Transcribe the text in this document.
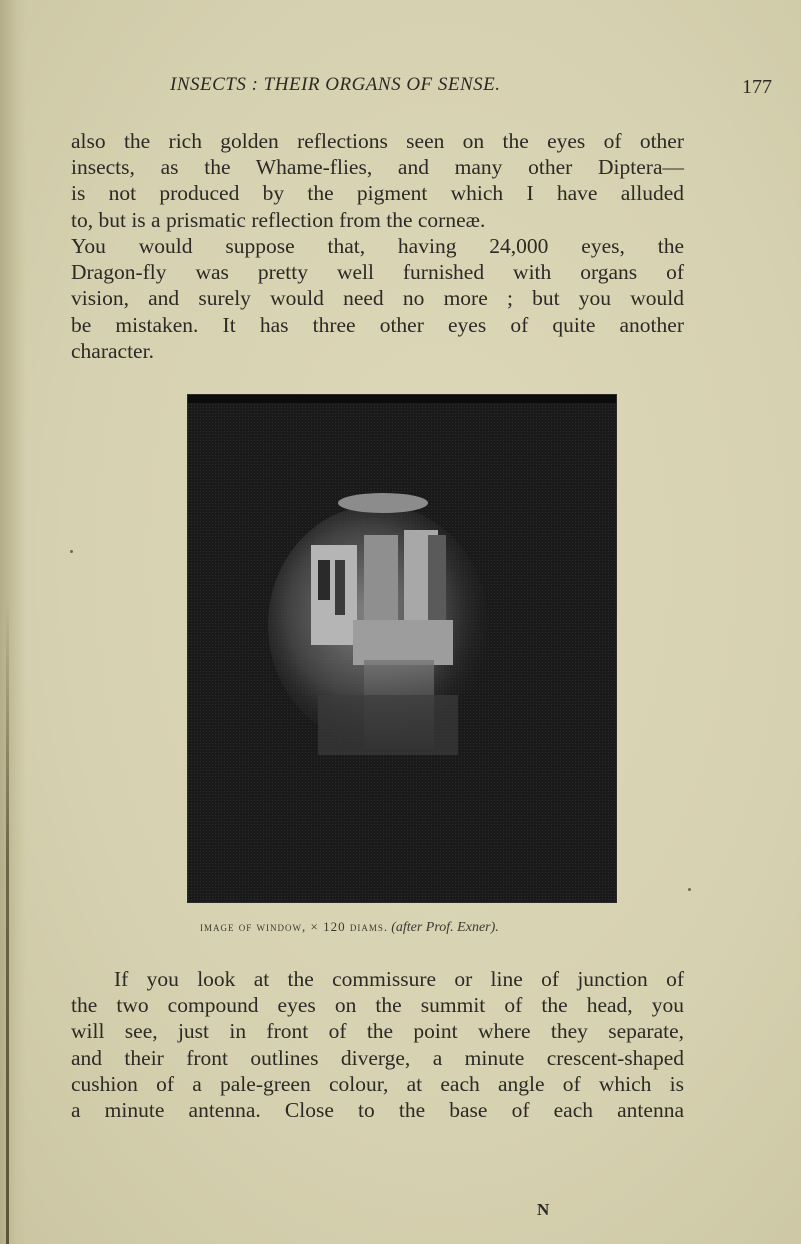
INSECTS : THEIR ORGANS OF SENSE.	177
also the rich golden reflections seen on the eyes of other
insects, as the Whame-flies, and many other Diptera—
is not produced by the pigment which I have alluded
to, but is a prismatic reflection from the corneæ.
You would suppose that, having 24,000 eyes, the
Dragon-fly was pretty well furnished with organs of
vision, and surely would need no more ; but you would
be mistaken. It has three other eyes of quite another
character.
image of window, × 120 diams. (after Prof. Exner).
If you look at the commissure or line of junction of
the two compound eyes on the summit of the head, you
will see, just in front of the point where they separate,
and their front outlines diverge, a minute crescent-shaped
cushion of a pale-green colour, at each angle of which is
a minute antenna. Close to the base of each antenna
N
